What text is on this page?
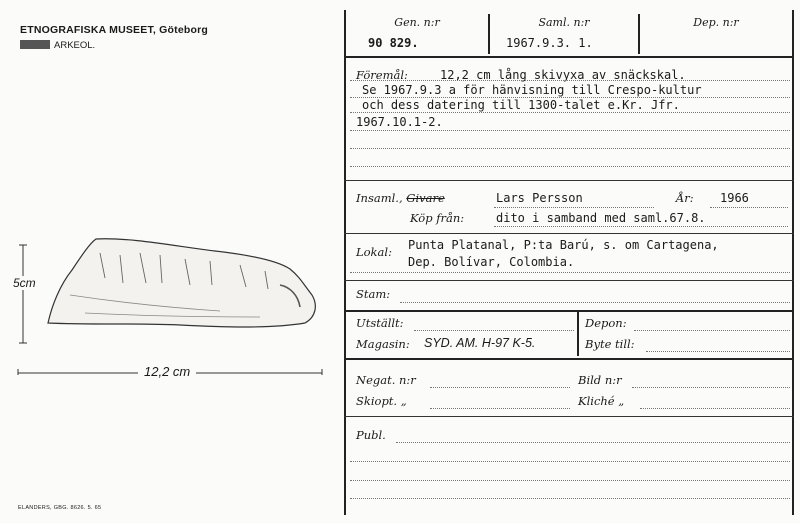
ETNOGRAFISKA MUSEET, Göteborg
ARKEOL.
5cm
12,2 cm
ELANDERS, GBG. 8626. 5. 65
Gen. n:r	Saml. n:r	Dep. n:r
90 829.	1967.9.3. 1.
Föremål:	12,2 cm lång skivyxa av snäckskal.
Se 1967.9.3 a för hänvisning till Crespo-kultur
och dess datering till 1300-talet e.Kr. Jfr.
1967.10.1-2.
Insaml., Givare	Lars Persson	År: 1966
Köp från:	dito i samband med saml.67.8.
Lokal: Punta Platanal, P:ta Barú, s. om Cartagena,
Dep. Bolívar, Colombia.
Stam:
Utställt:	Depon:
Magasin: SYD. AM. H-97 K-5.	Byte till:
Negat. n:r	Bild n:r
Skiopt. „	Kliché „
Publ.
